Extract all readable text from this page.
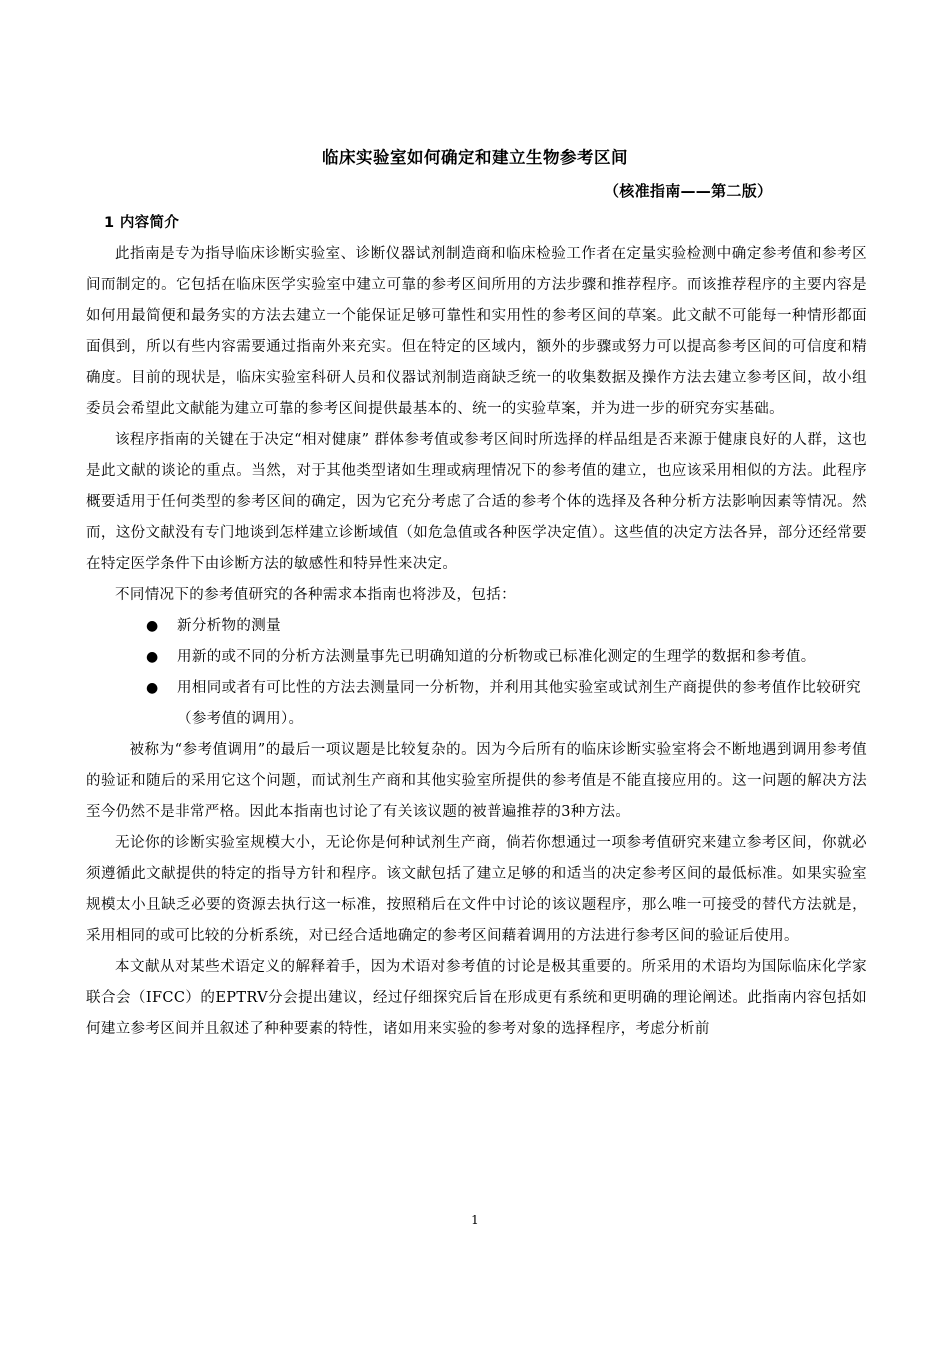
临床实验室如何确定和建立生物参考区间
（核准指南——第二版）

1 内容简介

此指南是专为指导临床诊断实验室、诊断仪器试剂制造商和临床检验工作者在定量实验检测中确定参考值和参考区间而制定的。它包括在临床医学实验室中建立可靠的参考区间所用的方法步骤和推荐程序。而该推荐程序的主要内容是如何用最简便和最务实的方法去建立一个能保证足够可靠性和实用性的参考区间的草案。此文献不可能每一种情形都面面俱到，所以有些内容需要通过指南外来充实。但在特定的区域内，额外的步骤或努力可以提高参考区间的可信度和精确度。目前的现状是，临床实验室科研人员和仪器试剂制造商缺乏统一的收集数据及操作方法去建立参考区间，故小组委员会希望此文献能为建立可靠的参考区间提供最基本的、统一的实验草案，并为进一步的研究夯实基础。

该程序指南的关键在于决定“相对健康” 群体参考值或参考区间时所选择的样品组是否来源于健康良好的人群，这也是此文献的谈论的重点。当然，对于其他类型诸如生理或病理情况下的参考值的建立，也应该采用相似的方法。此程序概要适用于任何类型的参考区间的确定，因为它充分考虑了合适的参考个体的选择及各种分析方法影响因素等情况。然而，这份文献没有专门地谈到怎样建立诊断域值（如危急值或各种医学决定值）。这些值的决定方法各异，部分还经常要在特定医学条件下由诊断方法的敏感性和特异性来决定。

不同情况下的参考值研究的各种需求本指南也将涉及，包括：

● 新分析物的测量
● 用新的或不同的分析方法测量事先已明确知道的分析物或已标准化测定的生理学的数据和参考值。
● 用相同或者有可比性的方法去测量同一分析物，并利用其他实验室或试剂生产商提供的参考值作比较研究（参考值的调用）。

被称为“参考值调用”的最后一项议题是比较复杂的。因为今后所有的临床诊断实验室将会不断地遇到调用参考值的验证和随后的采用它这个问题，而试剂生产商和其他实验室所提供的参考值是不能直接应用的。这一问题的解决方法至今仍然不是非常严格。因此本指南也讨论了有关该议题的被普遍推荐的3种方法。

无论你的诊断实验室规模大小，无论你是何种试剂生产商，倘若你想通过一项参考值研究来建立参考区间，你就必须遵循此文献提供的特定的指导方针和程序。该文献包括了建立足够的和适当的决定参考区间的最低标准。如果实验室规模太小且缺乏必要的资源去执行这一标准，按照稍后在文件中讨论的该议题程序，那么唯一可接受的替代方法就是，采用相同的或可比较的分析系统，对已经合适地确定的参考区间藉着调用的方法进行参考区间的验证后使用。

本文献从对某些术语定义的解释着手，因为术语对参考值的讨论是极其重要的。所采用的术语均为国际临床化学家联合会（IFCC）的EPTRV分会提出建议，经过仔细探究后旨在形成更有系统和更明确的理论阐述。此指南内容包括如何建立参考区间并且叙述了种种要素的特性，诸如用来实验的参考对象的选择程序，考虑分析前

1
